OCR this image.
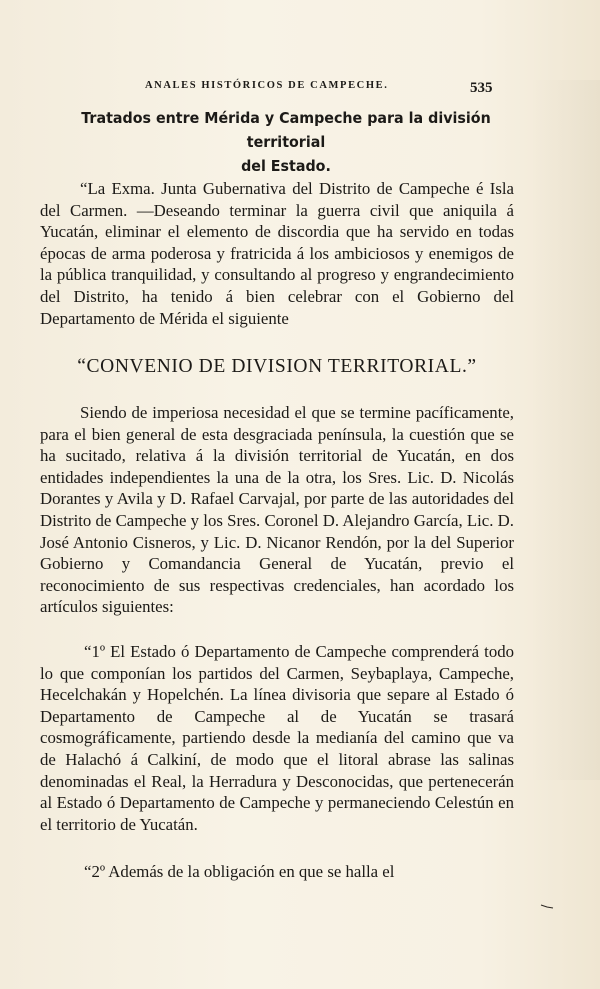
ANALES HISTÓRICOS DE CAMPECHE.	535
Tratados entre Mérida y Campeche para la división territorial
del Estado.

“La Exma. Junta Gubernativa del Distrito de Campeche é Isla del Carmen. —Deseando terminar la guerra civil que aniquila á Yucatán, eliminar el elemento de discordia que ha servido en todas épocas de arma poderosa y fratricida á los ambiciosos y enemigos de la pública tranquilidad, y consultando al progreso y engrandecimiento del Distrito, ha tenido á bien celebrar con el Gobierno del Departamento de Mérida el siguiente

“CONVENIO DE DIVISION TERRITORIAL.”

Siendo de imperiosa necesidad el que se termine pacíficamente, para el bien general de esta desgraciada península, la cuestión que se ha sucitado, relativa á la división territorial de Yucatán, en dos entidades independientes la una de la otra, los Sres. Lic. D. Nicolás Dorantes y Avila y D. Rafael Carvajal, por parte de las autoridades del Distrito de Campeche y los Sres. Coronel D. Alejandro García, Lic. D. José Antonio Cisneros, y Lic. D. Nicanor Rendón, por la del Superior Gobierno y Comandancia General de Yucatán, previo el reconocimiento de sus respectivas credenciales, han acordado los artículos siguientes:

“1º El Estado ó Departamento de Campeche comprenderá todo lo que componían los partidos del Carmen, Seybaplaya, Campeche, Hecelchakán y Hopelchén. La línea divisoria que separe al Estado ó Departamento de Campeche al de Yucatán se trasará cosmográficamente, partiendo desde la medianía del camino que va de Halachó á Calkiní, de modo que el litoral abrase las salinas denominadas el Real, la Herradura y Desconocidas, que pertenecerán al Estado ó Departamento de Campeche y permaneciendo Celestún en el territorio de Yucatán.

“2º Además de la obligación en que se halla el
